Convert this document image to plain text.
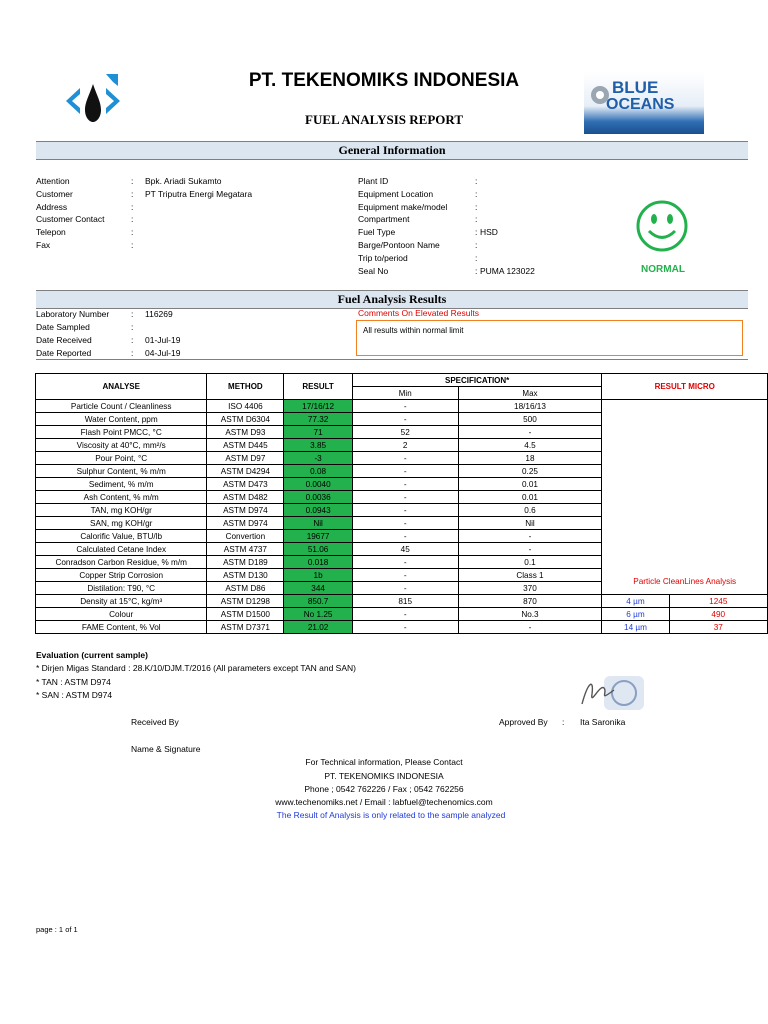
BLUE
OCEANS
PT. TEKENOMIKS INDONESIA
FUEL ANALYSIS REPORT
General Information
Attention	: Bpk. Ariadi Sukamto
Customer	: PT Triputra Energi Megatara
Address	:
Customer Contact	:
Telepon	:
Fax	:
Plant ID	:
Equipment Location	:
Equipment make/model	:
Compartment	:
Fuel Type	: HSD
Barge/Pontoon Name	:
Trip to/period	:
Seal No	: PUMA 123022	NORMAL
Fuel Analysis Results
Laboratory Number	: 116269
Date Sampled	:
Date Received	: 01-Jul-19
Date Reported	: 04-Jul-19
Comments On Elevated Results
All results within normal limit
ANALYSE	METHOD	RESULT	SPECIFICATION*		RESULT MICRO	
			Min	Max		
Particle Count / Cleanliness	ISO 4406	17/16/12	-	18/16/13		
Water Content, ppm	ASTM D6304	77.32	-	500		
Flash Point PMCC, °C	ASTM D93	71	52	-		
Viscosity at 40°C, mm²/s	ASTM D445	3.85	2	4.5		
Pour Point, °C	ASTM D97	-3	-	18		
Sulphur Content, % m/m	ASTM D4294	0.08	-	0.25		
Sediment, % m/m	ASTM D473	0.0040	-	0.01		
Ash Content, % m/m	ASTM D482	0.0036	-	0.01		
TAN, mg KOH/gr	ASTM D974	0.0943	-	0.6		
SAN, mg KOH/gr	ASTM D974	Nil	-	Nil		
Calorific Value, BTU/lb	Convertion	19677	-	-		
Calculated Cetane Index	ASTM 4737	51.06	45	-		
Conradson Carbon Residue, % m/m	ASTM D189	0.018	-	0.1		
Copper Strip Corrosion	ASTM D130	1b	-	Class 1	Particle CleanLines Analysis	
Distilation: T90, °C	ASTM D86	344	-	370		
Density at 15°C, kg/m³	ASTM D1298	850.7	815	870	4 µm	1245
Colour	ASTM D1500	No 1.25	-	No.3	6 µm	490
FAME Content, % Vol	ASTM D7371	21.02	-	-	14 µm	37
Evaluation (current sample)
* Dirjen Migas Standard : 28.K/10/DJM.T/2016 (All parameters except TAN and SAN)
* TAN : ASTM D974
* SAN : ASTM D974
Received By	Approved By : Ita Saronika
Name & Signature
For Technical information, Please Contact
PT. TEKENOMIKS INDONESIA
Phone ; 0542 762226 / Fax ; 0542 762256
www.techenomiks.net / Email : labfuel@techenomics.com
The Result of Analysis is only related to the sample analyzed
page : 1 of 1
